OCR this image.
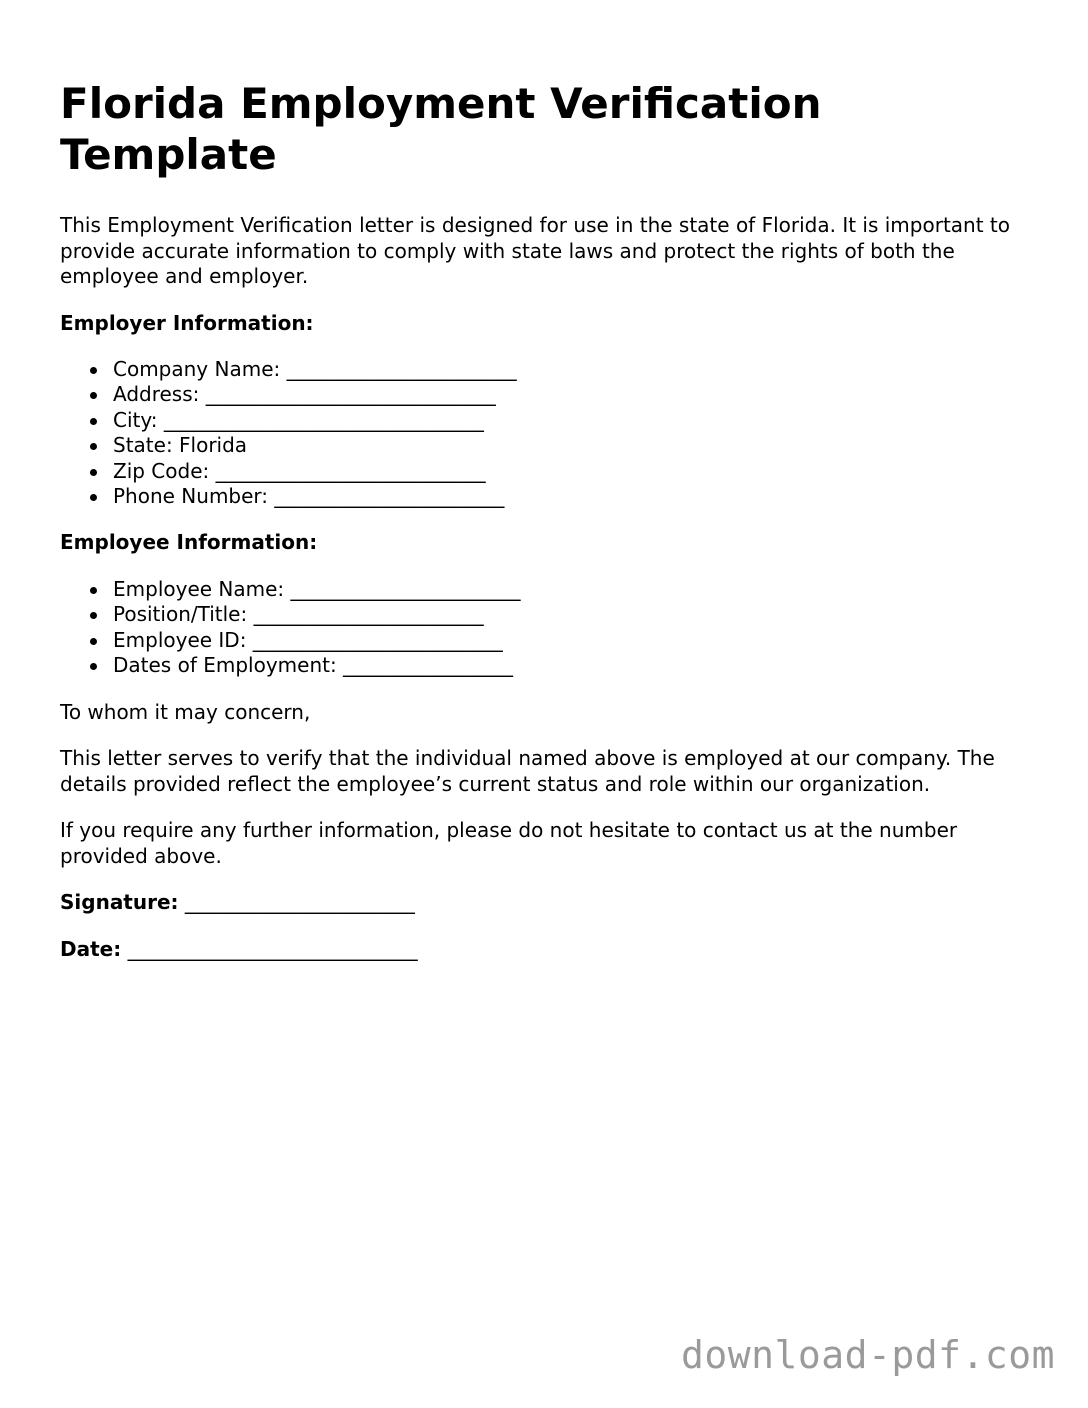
Florida Employment Verification Template

This Employment Verification letter is designed for use in the state of Florida. It is important to provide accurate information to comply with state laws and protect the rights of both the employee and employer.

Employer Information:
Company Name: _______________________
Address: _____________________________
City: ________________________________
State: Florida
Zip Code: ___________________________
Phone Number: _______________________
Employee Information:
Employee Name: _______________________
Position/Title: _______________________
Employee ID: _________________________
Dates of Employment: _________________

To whom it may concern,

This letter serves to verify that the individual named above is employed at our company. The details provided reflect the employee’s current status and role within our organization.

If you require any further information, please do not hesitate to contact us at the number provided above.

Signature: _______________________
Date: _____________________________
download-pdf.com
